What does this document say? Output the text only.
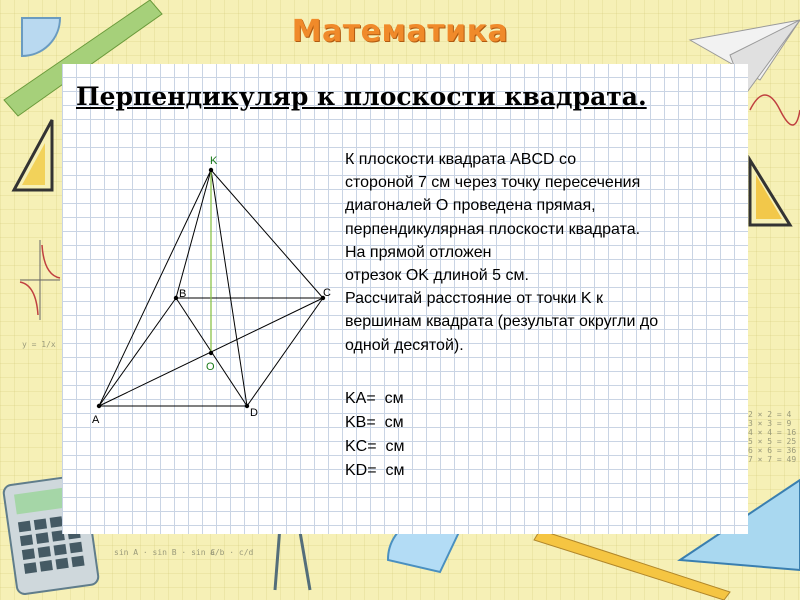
sin A · sin B · sin C
a/b · c/d
y = 1/x
2 × 2 = 4
3 × 3 = 9
4 × 4 = 16
5 × 5 = 25
6 × 6 = 36
7 × 7 = 49
Математика
Перпендикуляр к плоскости квадрата.
K
B	C
O
A
D

К плоскости квадрата ABCD со

стороной 7 см через точку пересечения

диагоналей O проведена прямая,

перпендикулярная плоскости квадрата.

На прямой отложен

отрезок OK длиной 5 см.

Рассчитай расстояние от точки K к

вершинам квадрата (результат округли до

одной десятой).

KA=  см
KB=  см
KC=  см
KD=  см
